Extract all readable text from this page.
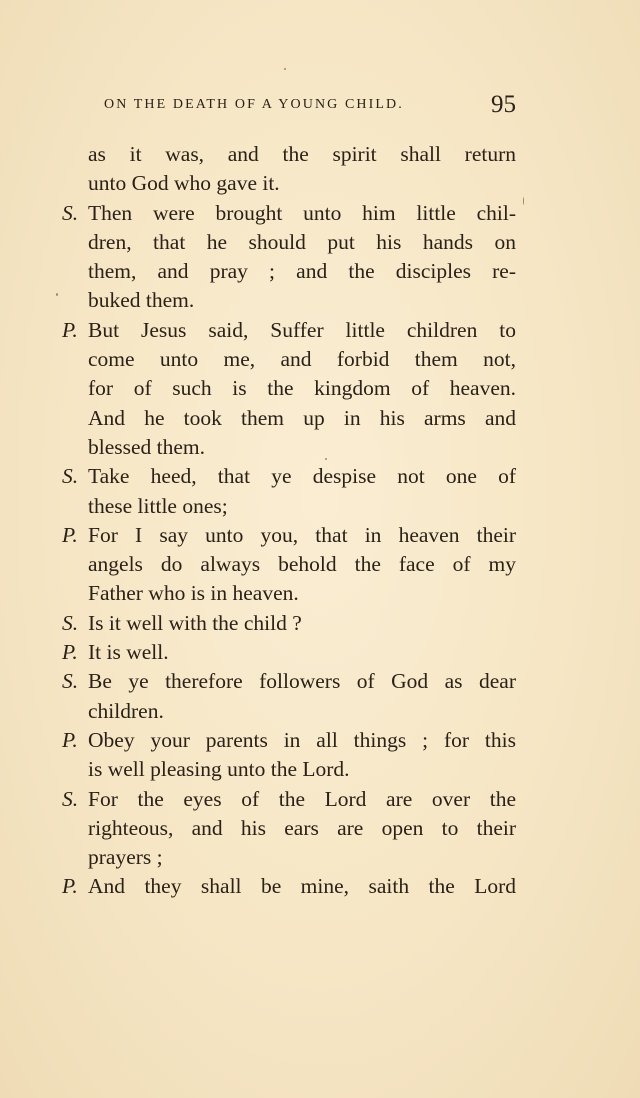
ON THE DEATH OF A YOUNG CHILD.	95
as it was, and the spirit shall return
unto God who gave it.
S. Then were brought unto him little chil-
dren, that he should put his hands on
them, and pray ; and the disciples re-
buked them.
P. But Jesus said, Suffer little children to
come unto me, and forbid them not,
for of such is the kingdom of heaven.
And he took them up in his arms and
blessed them.
S. Take heed, that ye despise not one of
these little ones;
P. For I say unto you, that in heaven their
angels do always behold the face of my
Father who is in heaven.
S. Is it well with the child ?
P. It is well.
S. Be ye therefore followers of God as dear
children.
P. Obey your parents in all things ; for this
is well pleasing unto the Lord.
S. For the eyes of the Lord are over the
righteous, and his ears are open to their
prayers ;
P. And they shall be mine, saith the Lord
